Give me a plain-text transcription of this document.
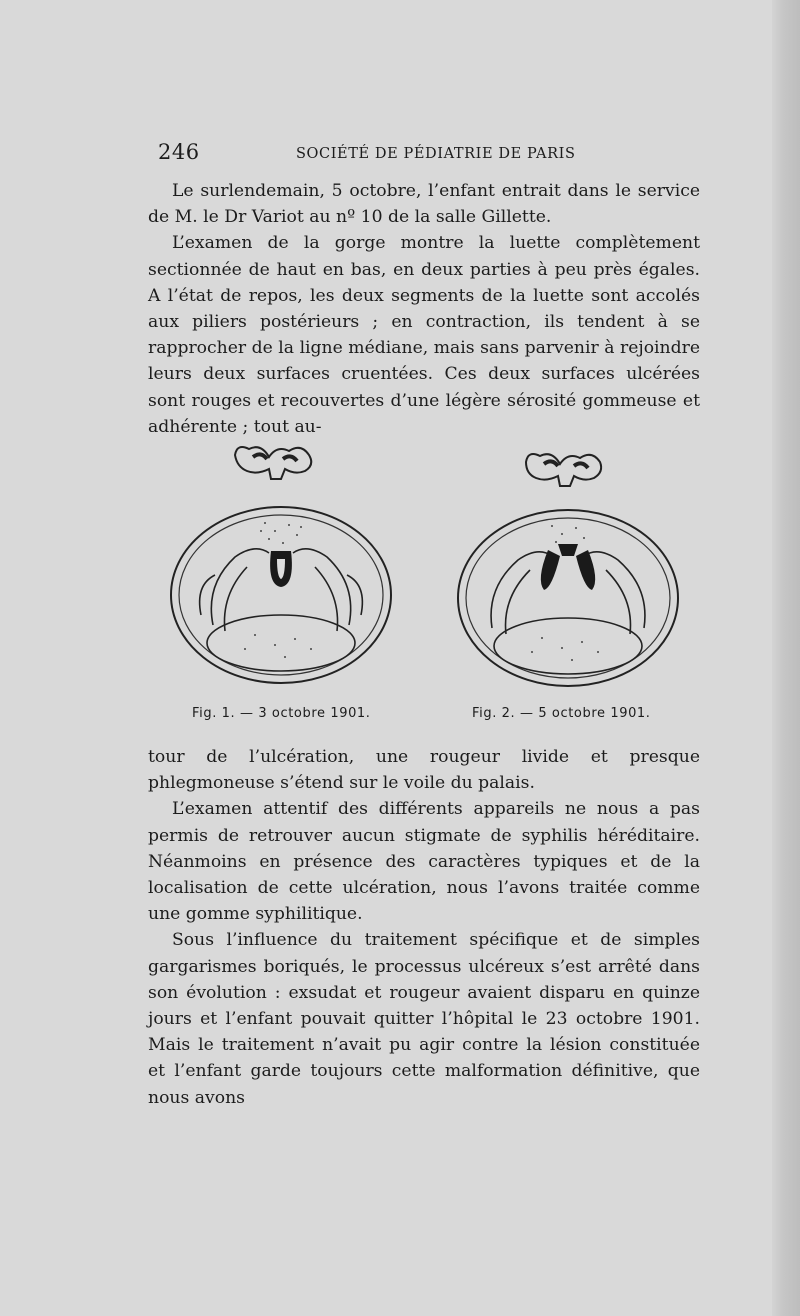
246	SOCIÉTÉ DE PÉDIATRIE DE PARIS

Le surlendemain, 5 octobre, l’enfant entrait dans le service de M. le Dr Variot au nº 10 de la salle Gillette.

L’examen de la gorge montre la luette complètement sectionnée de haut en bas, en deux parties à peu près égales. A l’état de repos, les deux segments de la luette sont accolés aux piliers postérieurs ; en contraction, ils tendent à se rapprocher de la ligne médiane, mais sans parvenir à rejoindre leurs deux surfaces cruentées. Ces deux surfaces ulcérées sont rouges et recouvertes d’une légère sérosité gommeuse et adhérente ; tout au-

Fig. 1. — 3 octobre 1901.	Fig. 2. — 5 octobre 1901.

tour de l’ulcération, une rougeur livide et presque phlegmoneuse s’étend sur le voile du palais.

L’examen attentif des différents appareils ne nous a pas permis de retrouver aucun stigmate de syphilis héréditaire. Néanmoins en présence des caractères typiques et de la localisation de cette ulcération, nous l’avons traitée comme une gomme syphilitique.

Sous l’influence du traitement spécifique et de simples gargarismes boriqués, le processus ulcéreux s’est arrêté dans son évolution : exsudat et rougeur avaient disparu en quinze jours et l’enfant pouvait quitter l’hôpital le 23 octobre 1901. Mais le traitement n’avait pu agir contre la lésion constituée et l’enfant garde toujours cette malformation définitive, que nous avons
